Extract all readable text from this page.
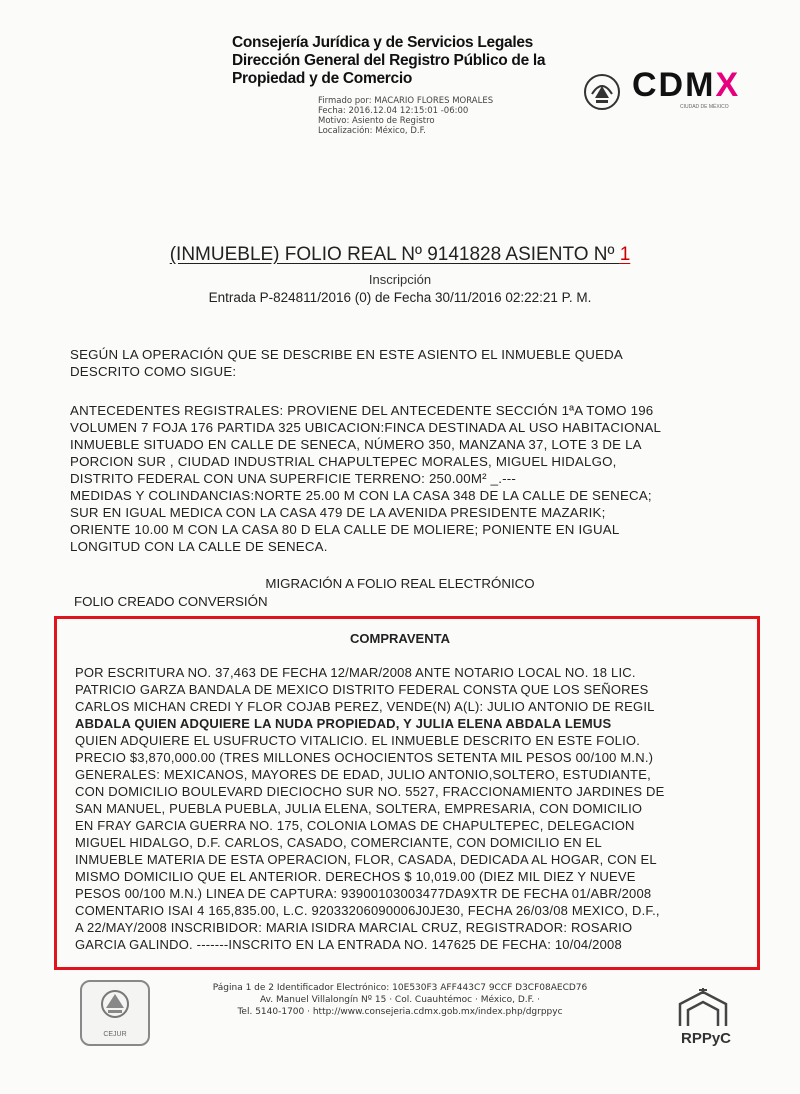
Consejería Jurídica y de Servicios Legales
Dirección General del Registro Público de la
Propiedad y de Comercio
Firmado por: MACARIO FLORES MORALES
Fecha: 2016.12.04 12:15:01 -06:00
Motivo: Asiento de Registro
Localización: México, D.F.
CDMX
CIUDAD DE MÉXICO
(INMUEBLE) FOLIO REAL Nº 9141828 ASIENTO Nº 1
Inscripción
Entrada P-824811/2016 (0) de Fecha 30/11/2016 02:22:21 P. M.
SEGÚN LA OPERACIÓN QUE SE DESCRIBE EN ESTE ASIENTO EL INMUEBLE QUEDA
DESCRITO COMO SIGUE:
ANTECEDENTES REGISTRALES: PROVIENE DEL ANTECEDENTE SECCIÓN 1ªA TOMO 196
VOLUMEN 7 FOJA 176 PARTIDA 325 UBICACION:FINCA DESTINADA AL USO HABITACIONAL
INMUEBLE SITUADO EN CALLE DE SENECA, NÚMERO 350, MANZANA 37, LOTE 3 DE LA
PORCION SUR , CIUDAD INDUSTRIAL CHAPULTEPEC MORALES, MIGUEL HIDALGO,
DISTRITO FEDERAL CON UNA SUPERFICIE TERRENO: 250.00M² _.---
MEDIDAS Y COLINDANCIAS:NORTE 25.00 M CON LA CASA 348 DE LA CALLE DE SENECA;
SUR EN IGUAL MEDICA CON LA CASA 479 DE LA AVENIDA PRESIDENTE MAZARIK;
ORIENTE 10.00 M CON LA CASA 80 D ELA CALLE DE MOLIERE; PONIENTE EN IGUAL
LONGITUD CON LA CALLE DE SENECA.
MIGRACIÓN A FOLIO REAL ELECTRÓNICO
FOLIO CREADO CONVERSIÓN
COMPRAVENTA
POR ESCRITURA NO. 37,463 DE FECHA 12/MAR/2008 ANTE NOTARIO LOCAL NO. 18 LIC.
PATRICIO GARZA BANDALA DE MEXICO DISTRITO FEDERAL CONSTA QUE LOS SEÑORES
CARLOS MICHAN CREDI Y FLOR COJAB PEREZ, VENDE(N) A(L): JULIO ANTONIO DE REGIL
ABDALA QUIEN ADQUIERE LA NUDA PROPIEDAD, Y JULIA ELENA ABDALA LEMUS
QUIEN ADQUIERE EL USUFRUCTO VITALICIO. EL INMUEBLE DESCRITO EN ESTE FOLIO.
PRECIO $3,870,000.00 (TRES MILLONES OCHOCIENTOS SETENTA MIL PESOS 00/100 M.N.)
GENERALES: MEXICANOS, MAYORES DE EDAD, JULIO ANTONIO,SOLTERO, ESTUDIANTE,
CON DOMICILIO BOULEVARD DIECIOCHO SUR NO. 5527, FRACCIONAMIENTO JARDINES DE
SAN MANUEL, PUEBLA PUEBLA, JULIA ELENA, SOLTERA, EMPRESARIA, CON DOMICILIO
EN FRAY GARCIA GUERRA NO. 175, COLONIA LOMAS DE CHAPULTEPEC, DELEGACION
MIGUEL HIDALGO, D.F. CARLOS, CASADO, COMERCIANTE, CON DOMICILIO EN EL
INMUEBLE MATERIA DE ESTA OPERACION, FLOR, CASADA, DEDICADA AL HOGAR, CON EL
MISMO DOMICILIO QUE EL ANTERIOR. DERECHOS $ 10,019.00 (DIEZ MIL DIEZ Y NUEVE
PESOS 00/100 M.N.) LINEA DE CAPTURA: 93900103003477DA9XTR DE FECHA 01/ABR/2008
COMENTARIO ISAI 4 165,835.00, L.C. 92033206090006J0JE30, FECHA 26/03/08 MEXICO, D.F.,
A 22/MAY/2008 INSCRIBIDOR: MARIA ISIDRA MARCIAL CRUZ, REGISTRADOR: ROSARIO
GARCIA GALINDO. -------INSCRITO EN LA ENTRADA NO. 147625 DE FECHA: 10/04/2008
CEJUR
Página 1 de 2 Identificador Electrónico: 10E530F3 AFF443C7 9CCF D3CF08AECD76
Av. Manuel Villalongín Nº 15 · Col. Cuauhtémoc · México, D.F. ·
Tel. 5140-1700 · http://www.consejeria.cdmx.gob.mx/index.php/dgrppyc
RPPyC
